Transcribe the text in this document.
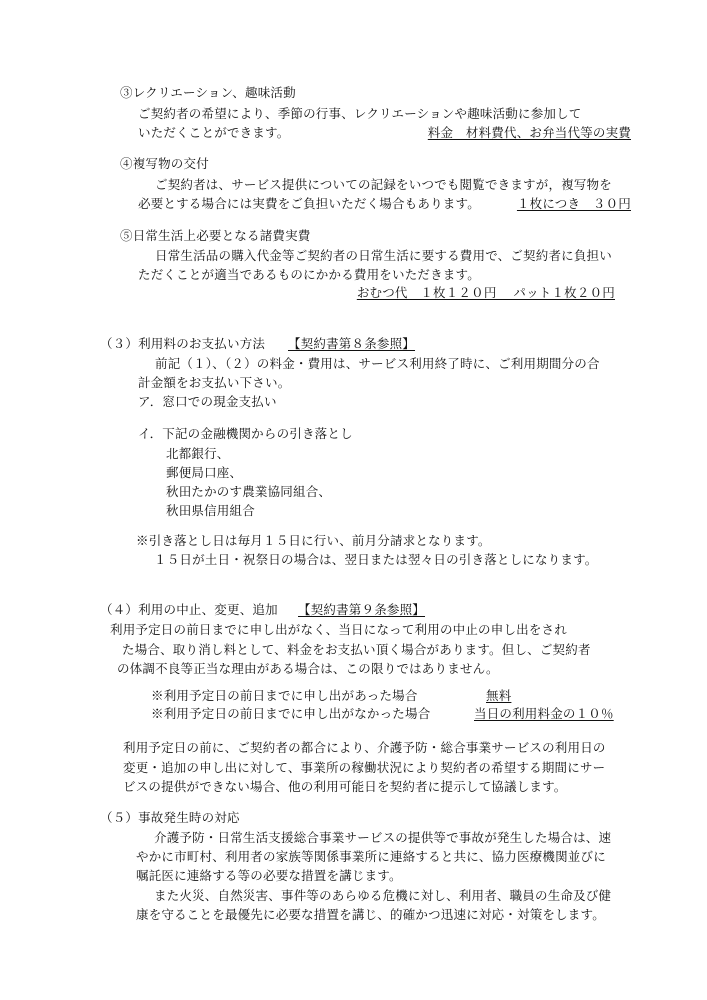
③レクリエーション、趣味活動
ご契約者の希望により、季節の行事、レクリエーションや趣味活動に参加して
いただくことができます。	料金　材料費代、お弁当代等の実費
④複写物の交付
ご契約者は、サービス提供についての記録をいつでも閲覧できますが，複写物を
必要とする場合には実費をご負担いただく場合もあります。	１枚につき　３０円
⑤日常生活上必要となる諸費実費
日常生活品の購入代金等ご契約者の日常生活に要する費用で、ご契約者に負担い
ただくことが適当であるものにかかる費用をいただきます。
おむつ代　１枚１２０円　 パット１枚２０円
（３）利用料のお支払い方法 【契約書第８条参照】
前記（１）、（２）の料金・費用は、サービス利用終了時に、ご利用期間分の合
計金額をお支払い下さい。
ア．窓口での現金支払い
イ．下記の金融機関からの引き落とし
北都銀行、
郵便局口座、
秋田たかのす農業協同組合、
秋田県信用組合
※引き落とし日は毎月１５日に行い、前月分請求となります。
１５日が土日・祝祭日の場合は、翌日または翌々日の引き落としになります。
（４）利用の中止、変更、追加 【契約書第９条参照】
利用予定日の前日までに申し出がなく、当日になって利用の中止の申し出をされ
た場合、取り消し料として、料金をお支払い頂く場合があります。但し、ご契約者
の体調不良等正当な理由がある場合は、この限りではありません。
※利用予定日の前日までに申し出があった場合	無料
※利用予定日の前日までに申し出がなかった場合	当日の利用料金の１０％
利用予定日の前に、ご契約者の都合により、介護予防・総合事業サービスの利用日の
変更・追加の申し出に対して、事業所の稼働状況により契約者の希望する期間にサー
ビスの提供ができない場合、他の利用可能日を契約者に提示して協議します。
（５）事故発生時の対応
介護予防・日常生活支援総合事業サービスの提供等で事故が発生した場合は、速
やかに市町村、利用者の家族等関係事業所に連絡すると共に、協力医療機関並びに
嘱託医に連絡する等の必要な措置を講じます。
また火災、自然災害、事件等のあらゆる危機に対し、利用者、職員の生命及び健
康を守ることを最優先に必要な措置を講じ、的確かつ迅速に対応・対策をします。
